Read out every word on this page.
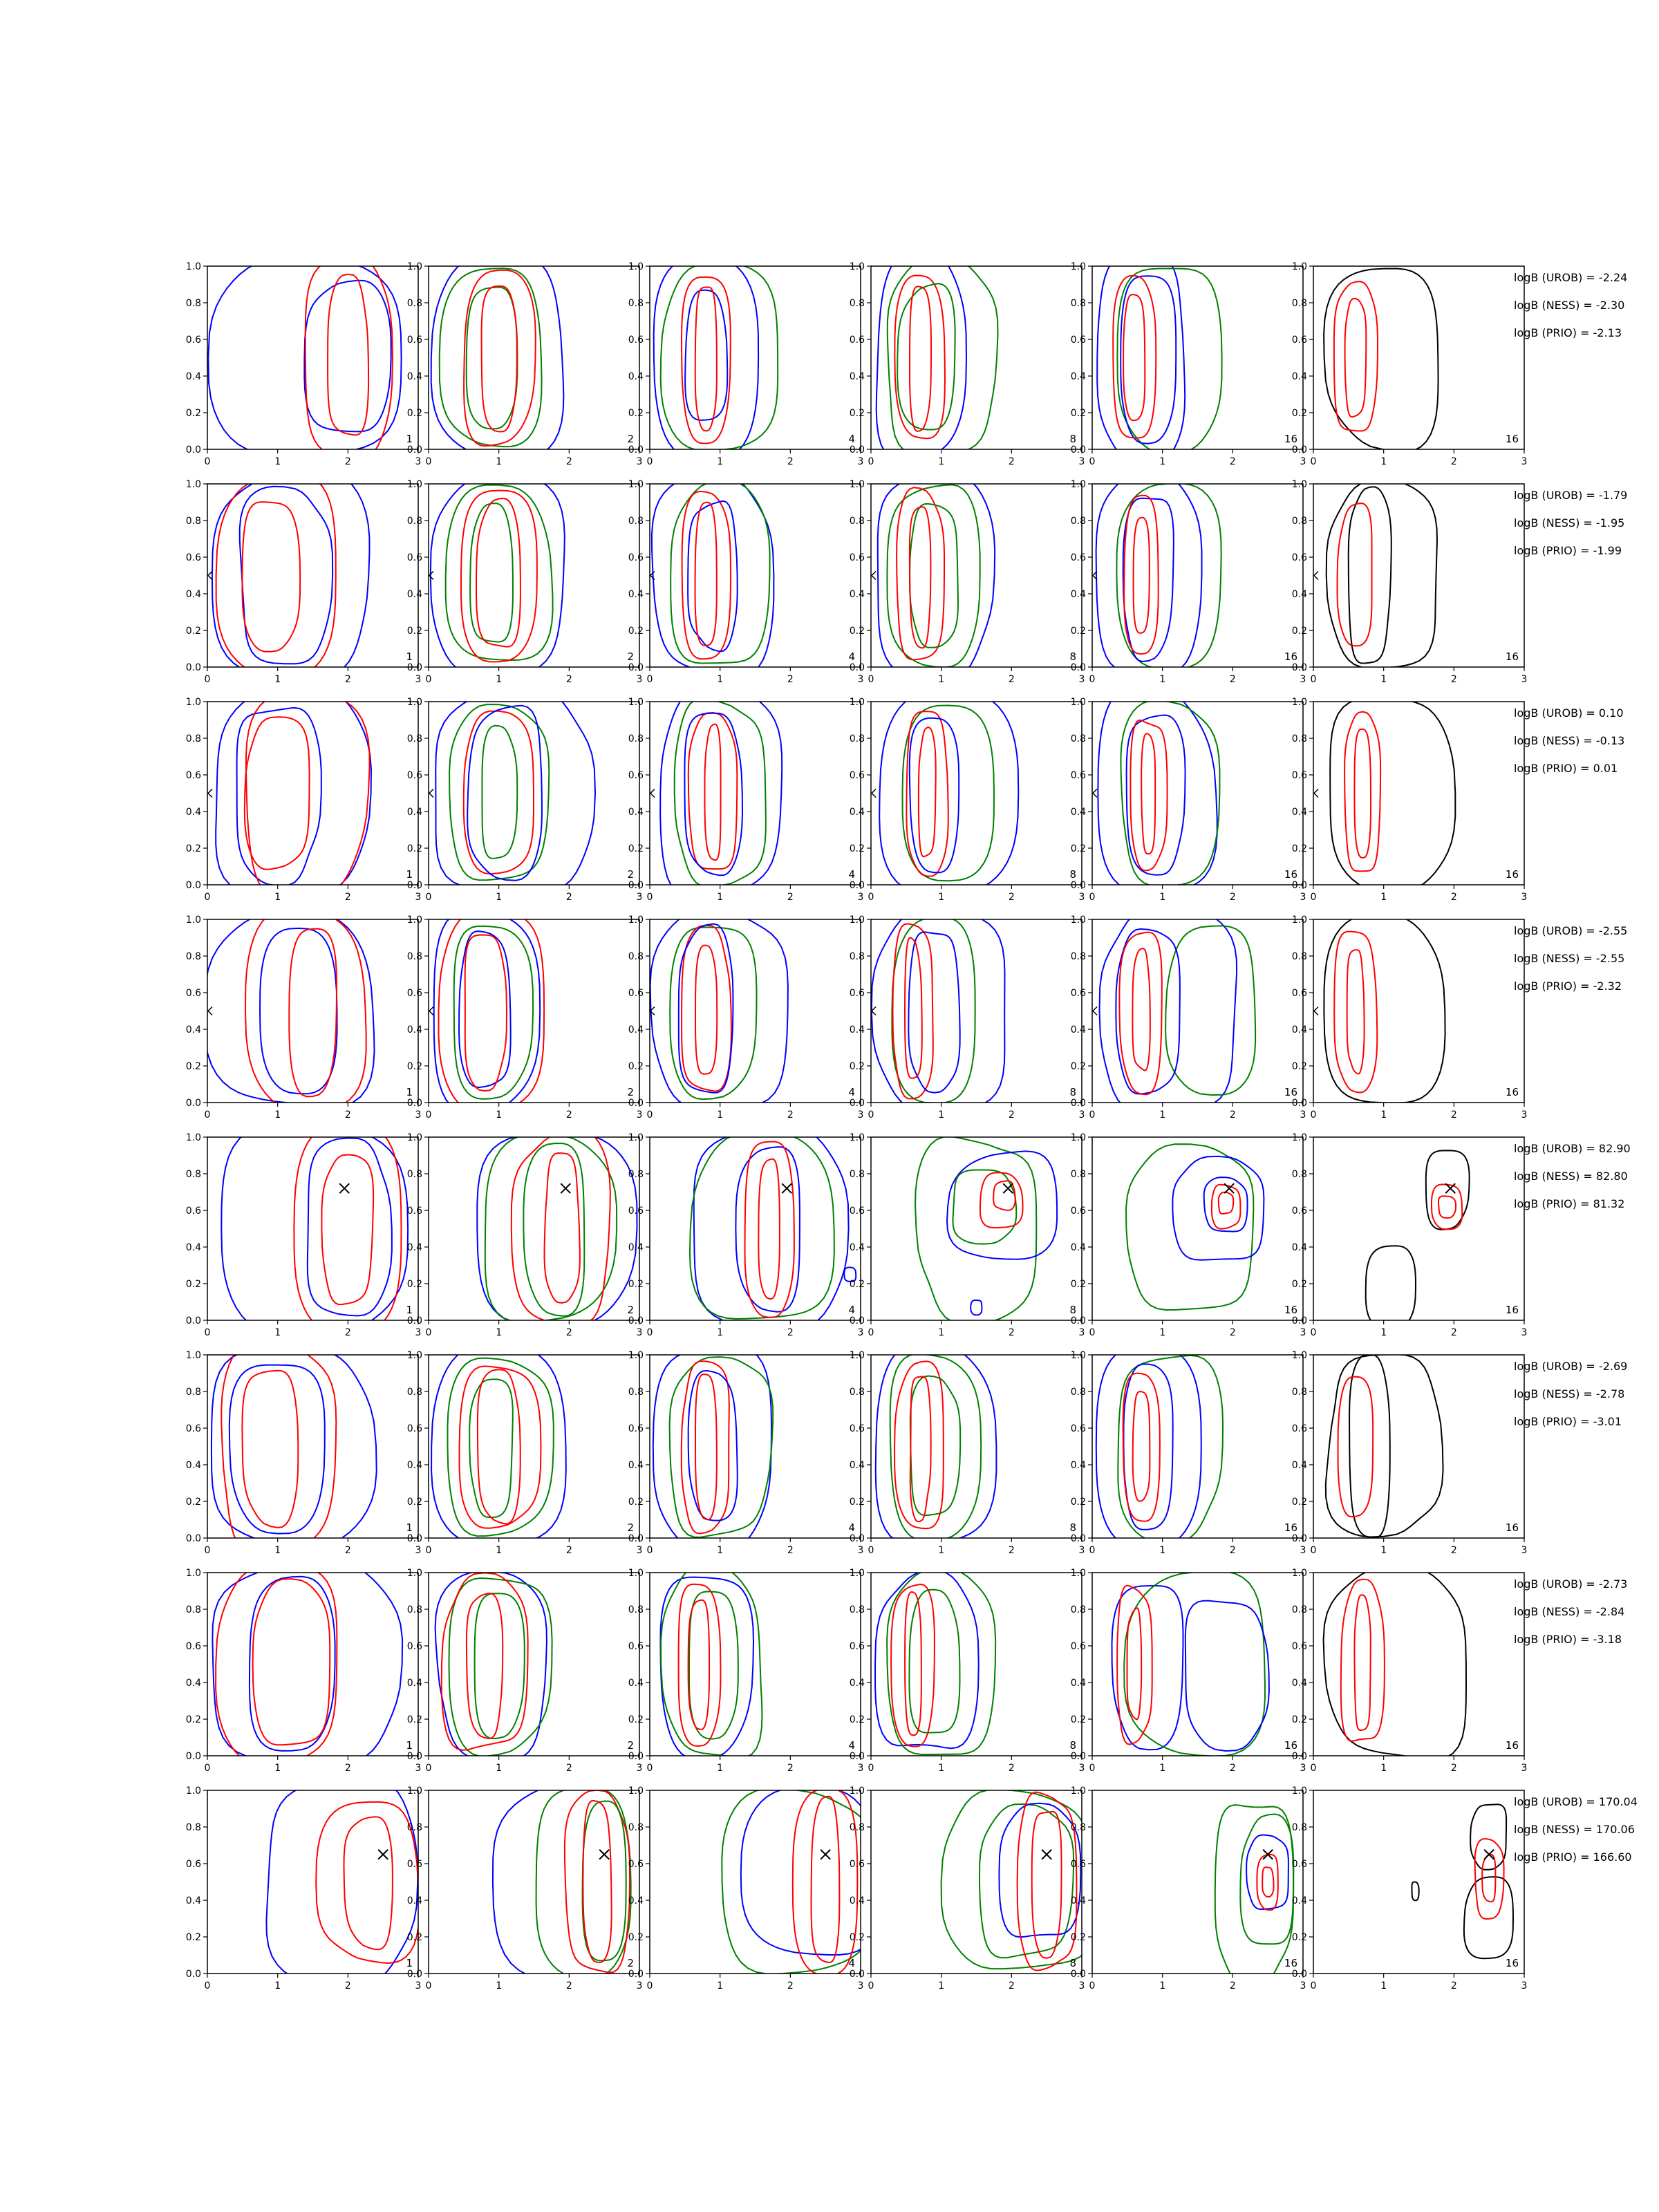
0.0
0.2
0.4
0.6
0.8
1.0
0	1	2	3
1
0.0
0.2
0.4
0.6
0.8
1.0
0	1	2	3
2
0.0
0.2
0.4
0.6
0.8
1.0
0	1	2	3
4
0.0
0.2
0.4
0.6
0.8
1.0
0	1	2	3
8
0.0
0.2
0.4
0.6
0.8
1.0
0	1	2	3
16
0.0
0.2
0.4
0.6
0.8
1.0
0	1	2	3
16
logB (UROB) = -2.24
logB (NESS) = -2.30
logB (PRIO) = -2.13
0.0
0.2
0.4
0.6
0.8
1.0
0	1	2	3
1
0.0
0.2
0.4
0.6
0.8
1.0
0	1	2	3
2
0.0
0.2
0.4
0.6
0.8
1.0
0	1	2	3
4
0.0
0.2
0.4
0.6
0.8
1.0
0	1	2	3
8
0.0
0.2
0.4
0.6
0.8
1.0
0	1	2	3
16
0.0
0.2
0.4
0.6
0.8
1.0
0	1	2	3
16
logB (UROB) = -1.79
logB (NESS) = -1.95
logB (PRIO) = -1.99
0.0
0.2
0.4
0.6
0.8
1.0
0	1	2	3
1
0.0
0.2
0.4
0.6
0.8
1.0
0	1	2	3
2
0.0
0.2
0.4
0.6
0.8
1.0
0	1	2	3
4
0.0
0.2
0.4
0.6
0.8
1.0
0	1	2	3
8
0.0
0.2
0.4
0.6
0.8
1.0
0	1	2	3
16
0.0
0.2
0.4
0.6
0.8
1.0
0	1	2	3
16
logB (UROB) = 0.10
logB (NESS) = -0.13
logB (PRIO) = 0.01
0.0
0.2
0.4
0.6
0.8
1.0
0	1	2	3
1
0.0
0.2
0.4
0.6
0.8
1.0
0	1	2	3
2
0.0
0.2
0.4
0.6
0.8
1.0
0	1	2	3
4
0.0
0.2
0.4
0.6
0.8
1.0
0	1	2	3
8
0.0
0.2
0.4
0.6
0.8
1.0
0	1	2	3
16
0.0
0.2
0.4
0.6
0.8
1.0
0	1	2	3
16
logB (UROB) = -2.55
logB (NESS) = -2.55
logB (PRIO) = -2.32
0.0
0.2
0.4
0.6
0.8
1.0
0	1	2	3
1
0.0
0.2
0.4
0.6
0.8
1.0
0	1	2	3
2
0.0
0.2
0.4
0.6
0.8
1.0
0	1	2	3
4
0.0
0.2
0.4
0.6
0.8
1.0
0	1	2	3
8
0.0
0.2
0.4
0.6
0.8
1.0
0	1	2	3
16
0.0
0.2
0.4
0.6
0.8
1.0
0	1	2	3
16
logB (UROB) = 82.90
logB (NESS) = 82.80
logB (PRIO) = 81.32
0.0
0.2
0.4
0.6
0.8
1.0
0	1	2	3
1
0.0
0.2
0.4
0.6
0.8
1.0
0	1	2	3
2
0.0
0.2
0.4
0.6
0.8
1.0
0	1	2	3
4
0.0
0.2
0.4
0.6
0.8
1.0
0	1	2	3
8
0.0
0.2
0.4
0.6
0.8
1.0
0	1	2	3
16
0.0
0.2
0.4
0.6
0.8
1.0
0	1	2	3
16
logB (UROB) = -2.69
logB (NESS) = -2.78
logB (PRIO) = -3.01
0.0
0.2
0.4
0.6
0.8
1.0
0	1	2	3
1
0.0
0.2
0.4
0.6
0.8
1.0
0	1	2	3
2
0.0
0.2
0.4
0.6
0.8
1.0
0	1	2	3
4
0.0
0.2
0.4
0.6
0.8
1.0
0	1	2	3
8
0.0
0.2
0.4
0.6
0.8
1.0
0	1	2	3
16
0.0
0.2
0.4
0.6
0.8
1.0
0	1	2	3
16
logB (UROB) = -2.73
logB (NESS) = -2.84
logB (PRIO) = -3.18
0.0
0.2
0.4
0.6
0.8
1.0
0	1	2	3
1
0.0
0.2
0.4
0.6
0.8
1.0
0	1	2	3
2
0.0
0.2
0.4
0.6
0.8
1.0
0	1	2	3
4
0.0
0.2
0.4
0.6
0.8
1.0
0	1	2	3
8
0.0
0.2
0.4
0.6
0.8
1.0
0	1	2	3
16
0.0
0.2
0.4
0.6
0.8
1.0
0	1	2	3
16
logB (UROB) = 170.04
logB (NESS) = 170.06
logB (PRIO) = 166.60
